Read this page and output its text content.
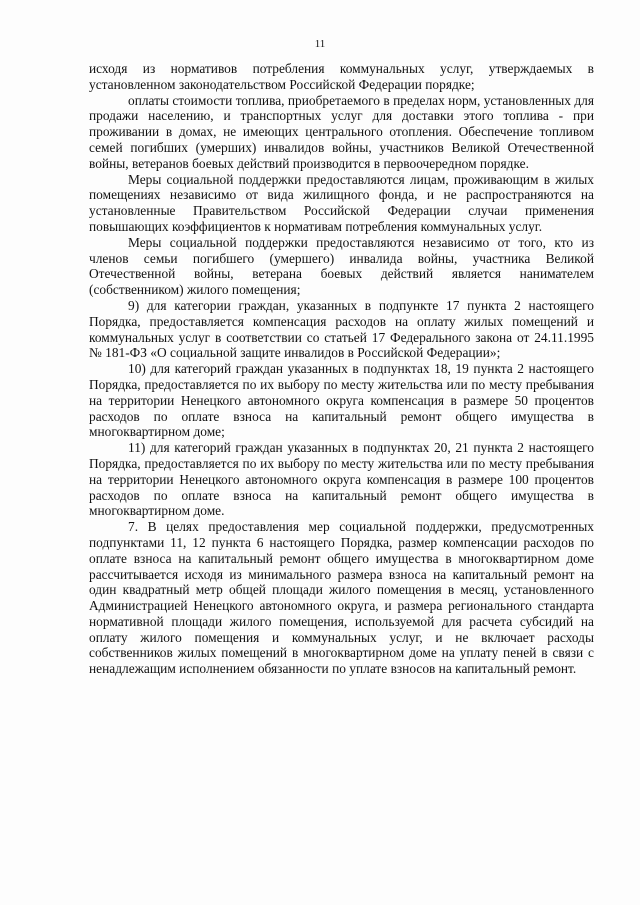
11

исходя из нормативов потребления коммунальных услуг, утверждаемых в установленном законодательством Российской Федерации порядке;

оплаты стоимости топлива, приобретаемого в пределах норм, установленных для продажи населению, и транспортных услуг для доставки этого топлива - при проживании в домах, не имеющих центрального отопления. Обеспечение топливом семей погибших (умерших) инвалидов войны, участников Великой Отечественной войны, ветеранов боевых действий производится в первоочередном порядке.

Меры социальной поддержки предоставляются лицам, проживающим в жилых помещениях независимо от вида жилищного фонда, и не распространяются на установленные Правительством Российской Федерации случаи применения повышающих коэффициентов к нормативам потребления коммунальных услуг.

Меры социальной поддержки предоставляются независимо от того, кто из членов семьи погибшего (умершего) инвалида войны, участника Великой Отечественной войны, ветерана боевых действий является нанимателем (собственником) жилого помещения;

9) для категории граждан, указанных в подпункте 17 пункта 2 настоящего Порядка, предоставляется компенсация расходов на оплату жилых помещений и коммунальных услуг в соответствии со статьей 17 Федерального закона от 24.11.1995 № 181-ФЗ «О социальной защите инвалидов в Российской Федерации»;

10) для категорий граждан указанных в подпунктах 18, 19 пункта 2 настоящего Порядка, предоставляется по их выбору по месту жительства или по месту пребывания на территории Ненецкого автономного округа компенсация в размере 50 процентов расходов по оплате взноса на капитальный ремонт общего имущества в многоквартирном доме;

11) для категорий граждан указанных в подпунктах 20, 21 пункта 2 настоящего Порядка, предоставляется по их выбору по месту жительства или по месту пребывания на территории Ненецкого автономного округа компенсация в размере 100 процентов расходов по оплате взноса на капитальный ремонт общего имущества в многоквартирном доме.

7. В целях предоставления мер социальной поддержки, предусмотренных подпунктами 11, 12 пункта 6 настоящего Порядка, размер компенсации расходов по оплате взноса на капитальный ремонт общего имущества в многоквартирном доме рассчитывается исходя из минимального размера взноса на капитальный ремонт на один квадратный метр общей площади жилого помещения в месяц, установленного Администрацией Ненецкого автономного округа, и размера регионального стандарта нормативной площади жилого помещения, используемой для расчета субсидий на оплату жилого помещения и коммунальных услуг, и не включает расходы собственников жилых помещений в многоквартирном доме на уплату пеней в связи с ненадлежащим исполнением обязанности по уплате взносов на капитальный ремонт.
